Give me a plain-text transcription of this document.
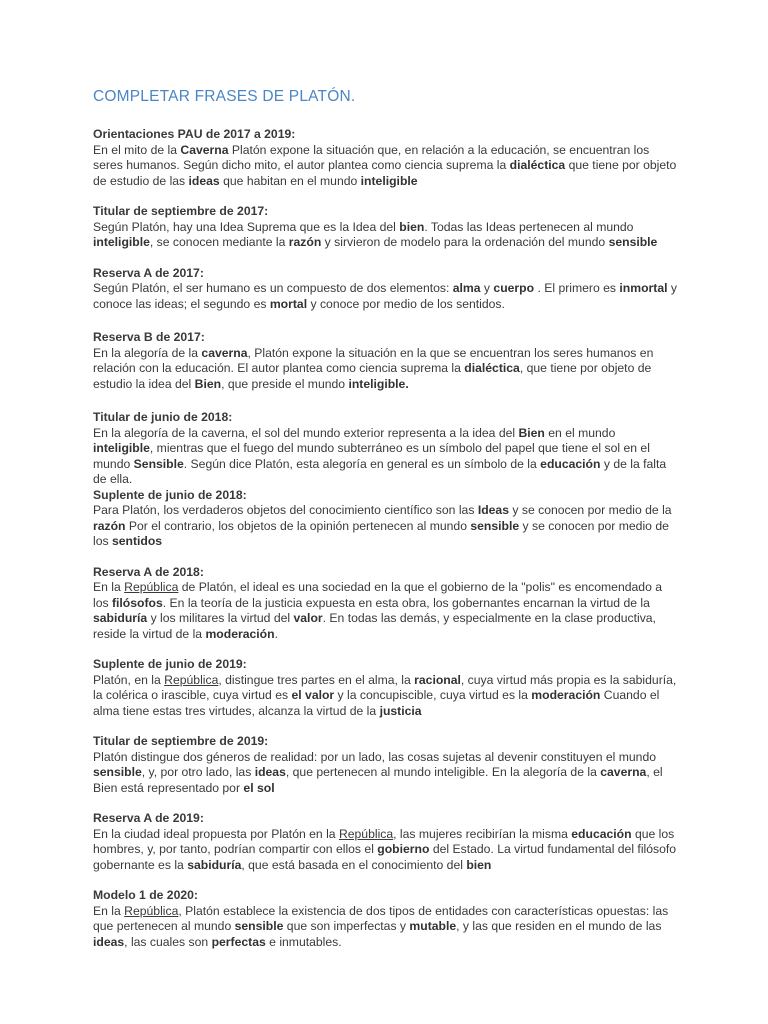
COMPLETAR FRASES DE PLATÓN.
Orientaciones PAU de 2017 a 2019:
En el mito de la Caverna Platón expone la situación que, en relación a la educación, se encuentran los seres humanos. Según dicho mito, el autor plantea como ciencia suprema la dialéctica que tiene por objeto de estudio de las ideas que habitan en el mundo inteligible
Titular de septiembre de 2017:
Según Platón, hay una Idea Suprema que es la Idea del bien. Todas las Ideas pertenecen al mundo inteligible, se conocen mediante la razón y sirvieron de modelo para la ordenación del mundo sensible
Reserva A de 2017:
Según Platón, el ser humano es un compuesto de dos elementos: alma y cuerpo . El primero es inmortal y conoce las ideas; el segundo es mortal y conoce por medio de los sentidos.
Reserva B de 2017:
En la alegoría de la caverna, Platón expone la situación en la que se encuentran los seres humanos en relación con la educación. El autor plantea como ciencia suprema la dialéctica, que tiene por objeto de estudio la idea del Bien, que preside el mundo inteligible.
Titular de junio de 2018:
En la alegoría de la caverna, el sol del mundo exterior representa a la idea del Bien en el mundo inteligible, mientras que el fuego del mundo subterráneo es un símbolo del papel que tiene el sol en el mundo Sensible. Según dice Platón, esta alegoría en general es un símbolo de la educación y de la falta de ella.
Suplente de junio de 2018:
Para Platón, los verdaderos objetos del conocimiento científico son las Ideas y se conocen por medio de la razón Por el contrario, los objetos de la opinión pertenecen al mundo sensible y se conocen por medio de los sentidos
Reserva A de 2018:
En la República de Platón, el ideal es una sociedad en la que el gobierno de la "polis" es encomendado a los filósofos. En la teoría de la justicia expuesta en esta obra, los gobernantes encarnan la virtud de la sabiduría y los militares la virtud del valor. En todas las demás, y especialmente en la clase productiva, reside la virtud de la moderación.
Suplente de junio de 2019:
Platón, en la República, distingue tres partes en el alma, la racional, cuya virtud más propia es la sabiduría, la colérica o irascible, cuya virtud es el valor y la concupiscible, cuya virtud es la moderación Cuando el alma tiene estas tres virtudes, alcanza la virtud de la justicia
Titular de septiembre de 2019:
Platón distingue dos géneros de realidad: por un lado, las cosas sujetas al devenir constituyen el mundo sensible, y, por otro lado, las ideas, que pertenecen al mundo inteligible. En la alegoría de la caverna, el Bien está representado por el sol
Reserva A de 2019:
En la ciudad ideal propuesta por Platón en la República, las mujeres recibirían la misma educación que los hombres, y, por tanto, podrían compartir con ellos el gobierno del Estado. La virtud fundamental del filósofo gobernante es la sabiduría, que está basada en el conocimiento del bien
Modelo 1 de 2020:
En la República, Platón establece la existencia de dos tipos de entidades con características opuestas: las que pertenecen al mundo sensible que son imperfectas y mutable, y las que residen en el mundo de las ideas, las cuales son perfectas e inmutables.
